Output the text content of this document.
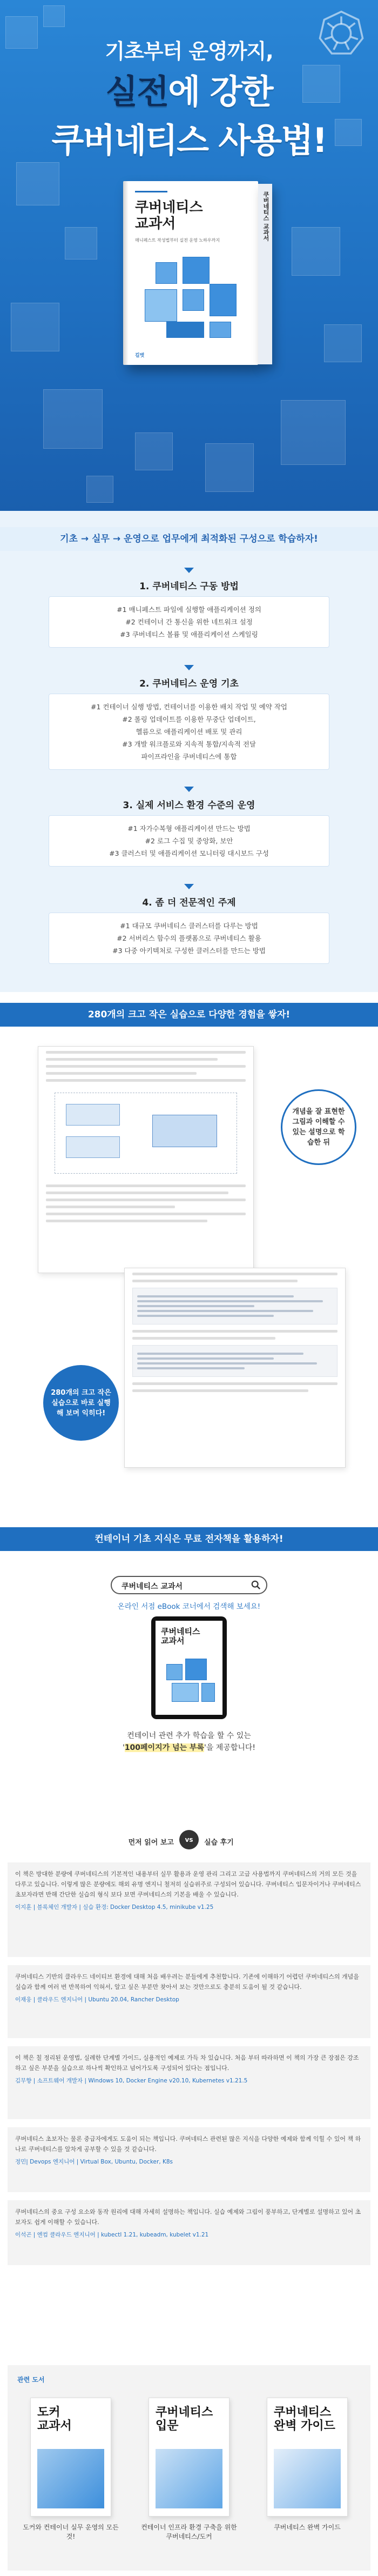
기초부터 운영까지,
실전에 강한
쿠버네티스 사용법!
쿠버네티스
교과서
매니페스트 작성법부터 실전 운영 노하우까지
길벗
쿠버네티스 교과서
기초 → 실무 → 운영으로 업무에게 최적화된 구성으로 학습하자!
1. 쿠버네티스 구동 방법
#1 매니페스트 파일에 실행할 애플리케이션 정의
#2 컨테이너 간 통신을 위한 네트워크 설정
#3 쿠버네티스 볼륨 및 애플리케이션 스케일링
2. 쿠버네티스 운영 기초
#1 컨테이너 실행 방법, 컨테이너를 이용한 배치 작업 및 예약 작업
#2 롤링 업데이트를 이용한 무중단 업데이트,
헬름으로 애플리케이션 배포 및 관리
#3 개발 워크플로와 지속적 통합/지속적 전달
파이프라인을 쿠버네티스에 통합
3. 실제 서비스 환경 수준의 운영
#1 자가수복형 애플리케이션 만드는 방법
#2 로그 수집 및 중앙화, 보안
#3 클러스터 및 애플리케이션 모니터링 대시보드 구성
4. 좀 더 전문적인 주제
#1 대규모 쿠버네티스 클러스터를 다루는 방법
#2 서버리스 함수의 플랫폼으로 쿠버네티스 활용
#3 다중 아키텍처로 구성한 클러스터를 만드는 방법
280개의 크고 작은 실습으로 다양한 경험을 쌓자!
개념을 잘 표현한 그림과 이해할 수 있는 설명으로 학습한 뒤
280개의 크고 작은 실습으로 바로 실행해 보며 익히다!
컨테이너 기초 지식은 무료 전자책을 활용하자!
쿠버네티스 교과서
온라인 서점 eBook 코너에서 검색해 보세요!
쿠버네티스
교과서
컨테이너 관련 추가 학습을 할 수 있는
'100페이지가 넘는 부록'을 제공합니다!
먼저 읽어 보고	vs	실습 후기
이 책은 방대한 분량에 쿠버네티스의 기본적인 내용부터 실무 활용과 운영 관리 그리고 고급 사용법까지 쿠버네티스의 거의 모든 것을 다루고 있습니다. 이렇게 많은 분량에도 해외 유명 엔지니 철저히 실습위주로 구성되어 있습니다. 쿠버네티스 입문자이거나 쿠버네티스 초보자라면 반해 간단한 실습의 형식 보다 보면 쿠버네티스의 기본을 배울 수 있습니다.
이지훈 | 블록체인 개발자 | 실습 환경: Docker Desktop 4.5, minikube v1.25
쿠버네티스 기반의 클라우드 네이티브 환경에 대해 처음 배우려는 분들에게 추천합니다. 기존에 이해하기 어렵던 쿠버네티스의 개념을 실습과 함께 여러 번 반복하여 익혀서, 알고 싶은 부분만 찾아서 보는 것만으로도 충분히 도움이 될 것 같습니다.
이재웅 | 클라우드 엔지니어 | Ubuntu 20.04, Rancher Desktop
이 책은 칠 정리된 운영법, 실례한 단계별 가이드, 실용적인 예제로 가득 차 있습니다. 처음 부터 따라하면 이 책의 가장 큰 장점은 강조하고 싶은 부분을 실습으로 하나씩 확인하고 넘어가도록 구성되어 있다는 점입니다.
김무향 | 소프트웨어 개발자 | Windows 10, Docker Engine v20.10, Kubernetes v1.21.5
쿠버네티스 초보자는 물론 중급자에게도 도움이 되는 책입니다. 쿠버네티스 관련된 많은 지식을 다양한 예제와 함께 익힐 수 있어 책 하나로 쿠버네티스를 알차게 공부할 수 있을 것 같습니다.
정민| Devops 엔지니어 | Virtual Box, Ubuntu, Docker, K8s
쿠버네티스의 중요 구성 요소와 동작 원리에 대해 자세히 설명하는 책입니다. 실습 예제와 그림이 풍부하고, 단계별로 설명하고 있어 초보자도 쉽게 이해할 수 있습니다.
이석곤 | 엔컴 클라우드 엔지니어 | kubectl 1.21, kubeadm, kubelet v1.21
관련 도서
도커
교과서
도커와 컨테이너 실무 운영의 모든 것!
쿠버네티스
입문
컨테이너 인프라 환경 구축을 위한 쿠버네티스/도커
쿠버네티스
완벽 가이드
쿠버네티스 완벽 가이드
